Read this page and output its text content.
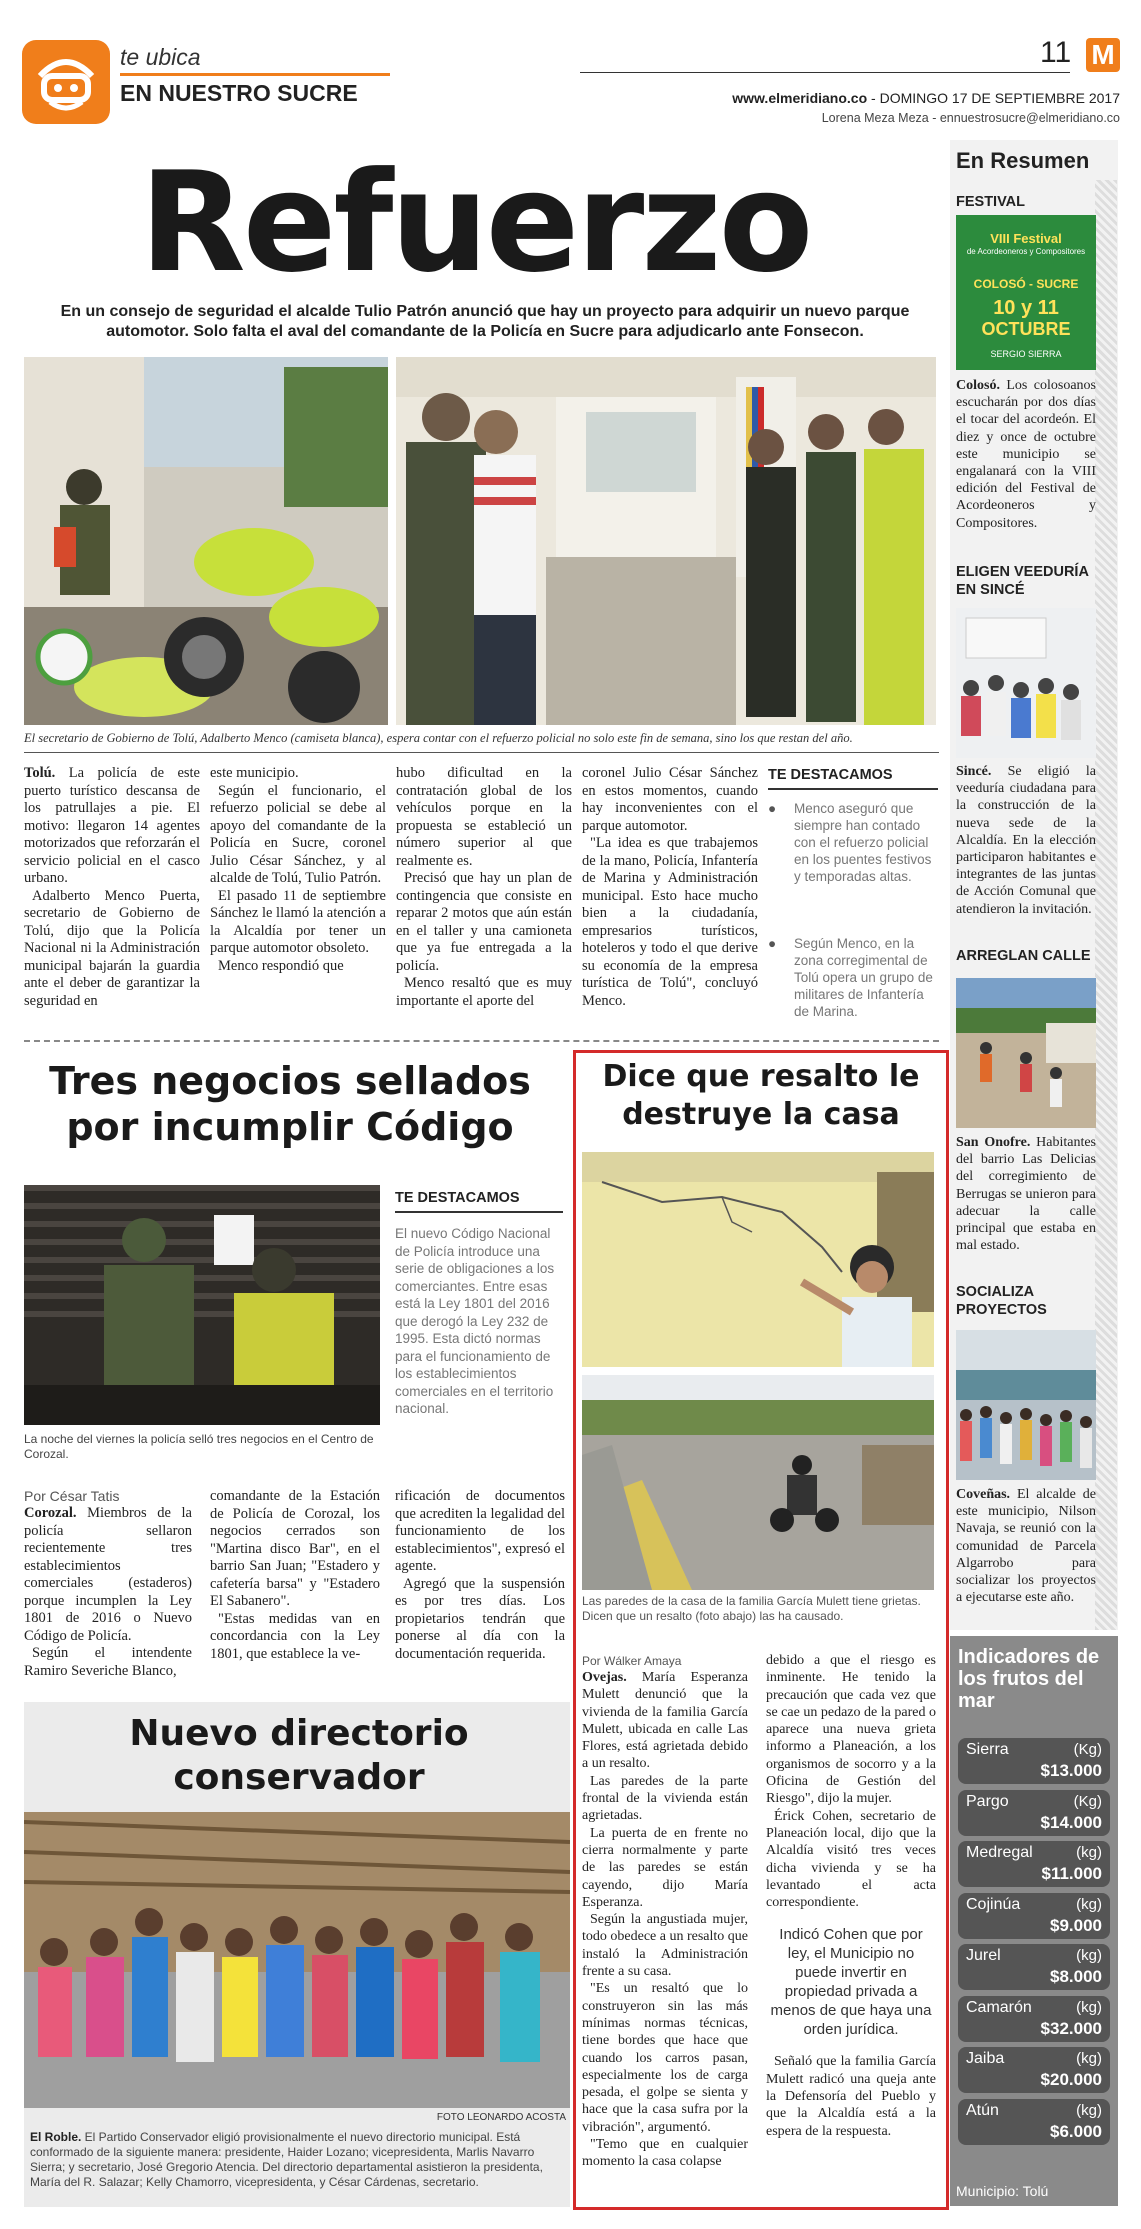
te ubica
EN NUESTRO SUCRE
11 M
www.elmeridiano.co - DOMINGO 17 DE SEPTIEMBRE 2017
Lorena Meza Meza - ennuestrosucre@elmeridiano.co
Refuerzo
En un consejo de seguridad el alcalde Tulio Patrón anunció que hay un proyecto para adquirir un nuevo parque automotor. Solo falta el aval del comandante de la Policía en Sucre para adjudicarlo ante Fonsecon.
El secretario de Gobierno de Tolú, Adalberto Menco (camiseta blanca), espera contar con el refuerzo policial no solo este fin de semana, sino los que restan del año.

Tolú. La policía de este puerto turístico descansa de los patrullajes a pie. El motivo: llegaron 14 agentes motorizados que reforzarán el servicio policial en el casco urbano.

Adalberto Menco Puerta, secretario de Gobierno de Tolú, dijo que la Policía Nacional ni la Administración municipal bajarán la guardia ante el deber de garantizar la seguridad en

este municipio.

Según el funcionario, el refuerzo policial se debe al apoyo del comandante de la Policía en Sucre, coronel Julio César Sánchez, y al alcalde de Tolú, Tulio Patrón.

El pasado 11 de septiembre Sánchez le llamó la atención a la Alcaldía por tener un parque automotor obsoleto.

Menco respondió que

hubo dificultad en la contratación global de los vehículos porque en la propuesta se estableció un número superior al que realmente es.

Precisó que hay un plan de contingencia que consiste en reparar 2 motos que aún están en el taller y una camioneta que ya fue entregada a la policía.

Menco resaltó que es muy importante el aporte del

coronel Julio César Sánchez en estos momentos, cuando hay inconvenientes con el parque automotor.

"La idea es que trabajemos de la mano, Policía, Infantería de Marina y Administración municipal. Esto hace mucho bien a la ciudadanía, empresarios turísticos, hoteleros y todo el que derive su economía de la empresa turística de Tolú", concluyó Menco.

TE DESTACAMOS
● Menco aseguró que siempre han contado con el refuerzo policial en los puentes festivos y temporadas altas.
● Según Menco, en la zona corregimental de Tolú opera un grupo de militares de Infantería de Marina.
Tres negocios sellados por incumplir Código
La noche del viernes la policía selló tres negocios en el Centro de Corozal.
TE DESTACAMOS
El nuevo Código Nacional de Policía introduce una serie de obligaciones a los comerciantes. Entre esas está la Ley 1801 del 2016 que derogó la Ley 232 de 1995. Esta dictó normas para el funcionamiento de los establecimientos comerciales en el territorio nacional.
Por César Tatis

Corozal. Miembros de la policía sellaron recientemente tres establecimientos comerciales (estaderos) porque incumplen la Ley 1801 de 2016 o Nuevo Código de Policía.

Según el intendente Ramiro Severiche Blanco,

comandante de la Estación de Policía de Corozal, los negocios cerrados son "Martina disco Bar", en el barrio San Juan; "Estadero y cafetería barsa" y "Estadero El Sabanero".

"Estas medidas van en concordancia con la Ley 1801, que establece la ve-

rificación de documentos que acrediten la legalidad del funcionamiento de los establecimientos", expresó el agente.

Agregó que la suspensión es por tres días. Los propietarios tendrán que ponerse al día con la documentación requerida.

Nuevo directorio conservador
FOTO LEONARDO ACOSTA
El Roble. El Partido Conservador eligió provisionalmente el nuevo directorio municipal. Está conformado de la siguiente manera: presidente, Haider Lozano; vicepresidenta, Marlis Navarro Sierra; y secretario, José Gregorio Atencia. Del directorio departamental asistieron la presidenta, María del R. Salazar; Kelly Chamorro, vicepresidenta, y César Cárdenas, secretario.
Dice que resalto le destruye la casa
Las paredes de la casa de la familia García Mulett tiene grietas. Dicen que un resalto (foto abajo) las ha causado.
Por Wálker Amaya

Ovejas. María Esperanza Mulett denunció que la vivienda de la familia García Mulett, ubicada en calle Las Flores, está agrietada debido a un resalto.

Las paredes de la parte frontal de la vivienda están agrietadas.

La puerta de en frente no cierra normalmente y parte de las paredes se están cayendo, dijo María Esperanza.

Según la angustiada mujer, todo obedece a un resalto que instaló la Administración frente a su casa.

"Es un resaltó que lo construyeron sin las más mínimas normas técnicas, tiene bordes que hace que cuando los carros pasan, especialmente los de carga pesada, el golpe se sienta y hace que la casa sufra por la vibración", argumentó.

"Temo que en cualquier momento la casa colapse

debido a que el riesgo es inminente. He tenido la precaución que cada vez que se cae un pedazo de la pared o aparece una nueva grieta informo a Planeación, a los organismos de socorro y a la Oficina de Gestión del Riesgo", dijo la mujer.

Érick Cohen, secretario de Planeación local, dijo que la Alcaldía visitó tres veces dicha vivienda y se ha levantado el acta correspondiente.

Indicó Cohen que por ley, el Municipio no puede invertir en propiedad privada a menos de que haya una orden jurídica.

Señaló que la familia García Mulett radicó una queja ante la Defensoría del Pueblo y que la Alcaldía está a la espera de la respuesta.

En Resumen
FESTIVAL
VIII Festival
de Acordeoneros y Compositores
COLOSÓ - SUCRE
10 y 11
OCTUBRE
SERGIO SIERRA
Colosó. Los colosoanos escucharán por dos días el tocar del acordeón. El diez y once de octubre este municipio se engalanará con la VIII edición del Festival de Acordeoneros y Compositores.
ELIGEN VEEDURÍA EN SINCÉ
Sincé. Se eligió la veeduría ciudadana para la construcción de la nueva sede de la Alcaldía. En la elección participaron habitantes e integrantes de las juntas de Acción Comunal que atendieron la invitación.
ARREGLAN CALLE
San Onofre. Habitantes del barrio Las Delicias del corregimiento de Berrugas se unieron para adecuar la calle principal que estaba en mal estado.
SOCIALIZA PROYECTOS
Coveñas. El alcalde de este municipio, Nilson Navaja, se reunió con la comunidad de Parcela Algarrobo para socializar los proyectos a ejecutarse este año.
Indicadores de los frutos del mar
Sierra	(Kg)
$13.000
Pargo	(Kg)
$14.000
Medregal	(kg)
$11.000
Cojinúa	(kg)
$9.000
Jurel	(kg)
$8.000
Camarón	(kg)
$32.000
Jaiba	(kg)
$20.000
Atún	(kg)
$6.000
Municipio: Tolú
